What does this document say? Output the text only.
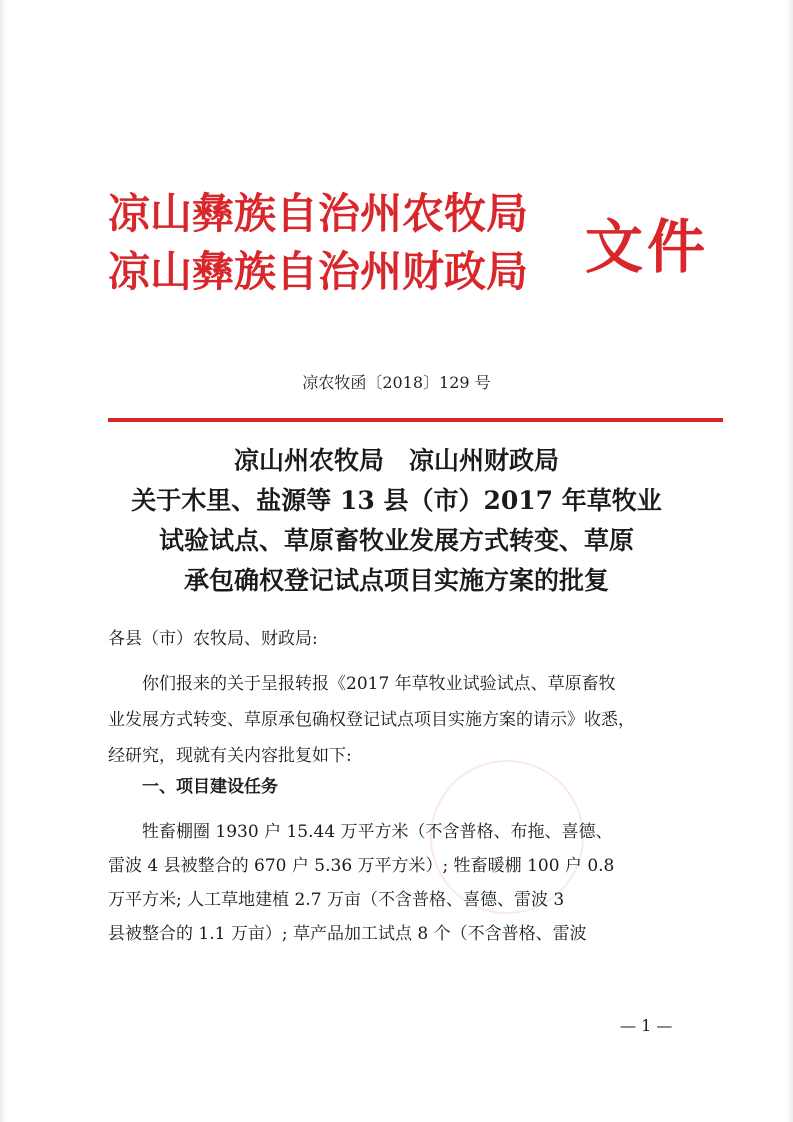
凉山彝族自治州农牧局
凉山彝族自治州财政局 文件
凉农牧函〔2018〕129 号
凉山州农牧局　凉山州财政局
关于木里、盐源等 13 县（市）2017 年草牧业
试验试点、草原畜牧业发展方式转变、草原
承包确权登记试点项目实施方案的批复
各县（市）农牧局、财政局:
你们报来的关于呈报转报《2017 年草牧业试验试点、草原畜牧
业发展方式转变、草原承包确权登记试点项目实施方案的请示》收悉，
经研究，现就有关内容批复如下:
一、项目建设任务
牲畜棚圈 1930 户 15.44 万平方米（不含普格、布拖、喜德、
雷波 4 县被整合的 670 户 5.36 万平方米）; 牲畜暖棚 100 户 0.8
万平方米; 人工草地建植 2.7 万亩（不含普格、喜德、雷波 3
县被整合的 1.1 万亩）; 草产品加工试点 8 个（不含普格、雷波
— 1 —
